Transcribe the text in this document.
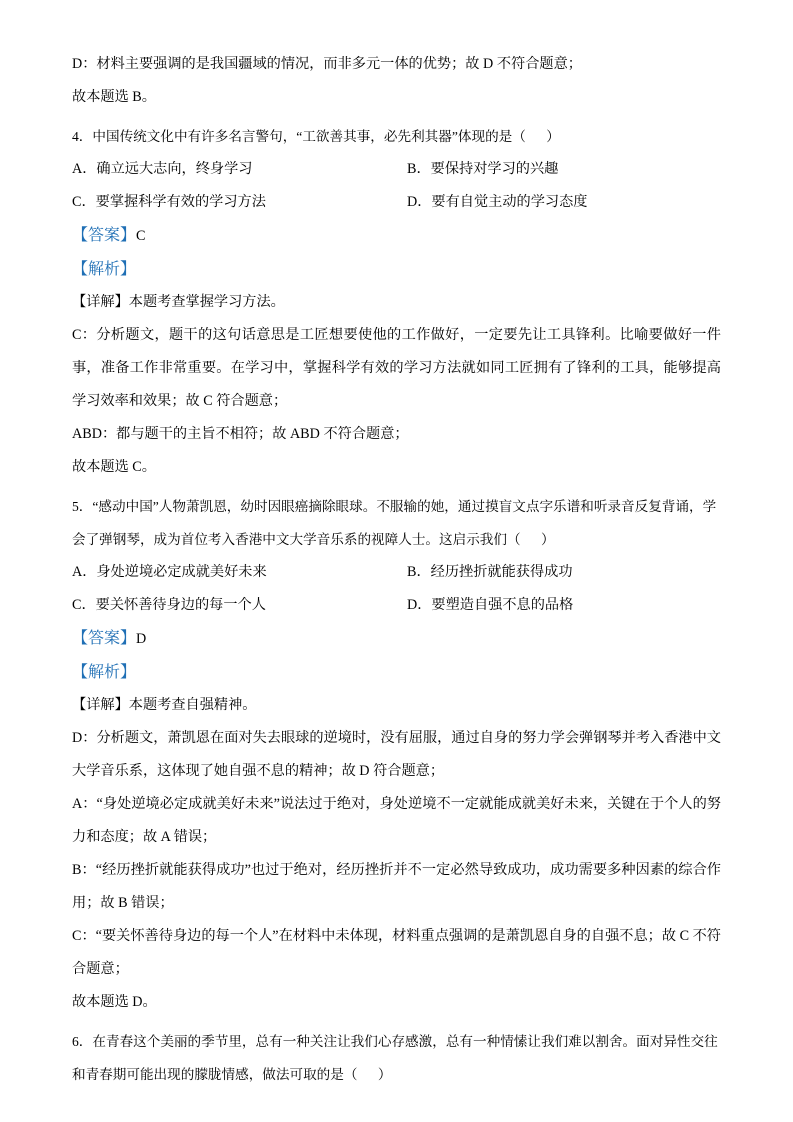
D：材料主要强调的是我国疆域的情况，而非多元一体的优势；故 D 不符合题意；
故本题选 B。
4．中国传统文化中有许多名言警句，“工欲善其事，必先利其器”体现的是（      ）
A．确立远大志向，终身学习	B．要保持对学习的兴趣
C．要掌握科学有效的学习方法	D．要有自觉主动的学习态度
【答案】C
【解析】
【详解】本题考查掌握学习方法。
C：分析题文，题干的这句话意思是工匠想要使他的工作做好，一定要先让工具锋利。比喻要做好一件事，准备工作非常重要。在学习中，掌握科学有效的学习方法就如同工匠拥有了锋利的工具，能够提高学习效率和效果；故 C 符合题意；
ABD：都与题干的主旨不相符；故 ABD 不符合题意；
故本题选 C。
5．“感动中国”人物萧凯恩，幼时因眼癌摘除眼球。不服输的她，通过摸盲文点字乐谱和听录音反复背诵，学会了弹钢琴，成为首位考入香港中文大学音乐系的视障人士。这启示我们（      ）
A．身处逆境必定成就美好未来	B．经历挫折就能获得成功
C．要关怀善待身边的每一个人	D．要塑造自强不息的品格
【答案】D
【解析】
【详解】本题考查自强精神。
D：分析题文，萧凯恩在面对失去眼球的逆境时，没有屈服，通过自身的努力学会弹钢琴并考入香港中文大学音乐系，这体现了她自强不息的精神；故 D 符合题意；
A：“身处逆境必定成就美好未来”说法过于绝对，身处逆境不一定就能成就美好未来，关键在于个人的努力和态度；故 A 错误；
B：“经历挫折就能获得成功”也过于绝对，经历挫折并不一定必然导致成功，成功需要多种因素的综合作用；故 B 错误；
C：“要关怀善待身边的每一个人”在材料中未体现，材料重点强调的是萧凯恩自身的自强不息；故 C 不符合题意；
故本题选 D。
6．在青春这个美丽的季节里，总有一种关注让我们心存感激，总有一种情愫让我们难以割舍。面对异性交往和青春期可能出现的朦胧情感，做法可取的是（      ）
